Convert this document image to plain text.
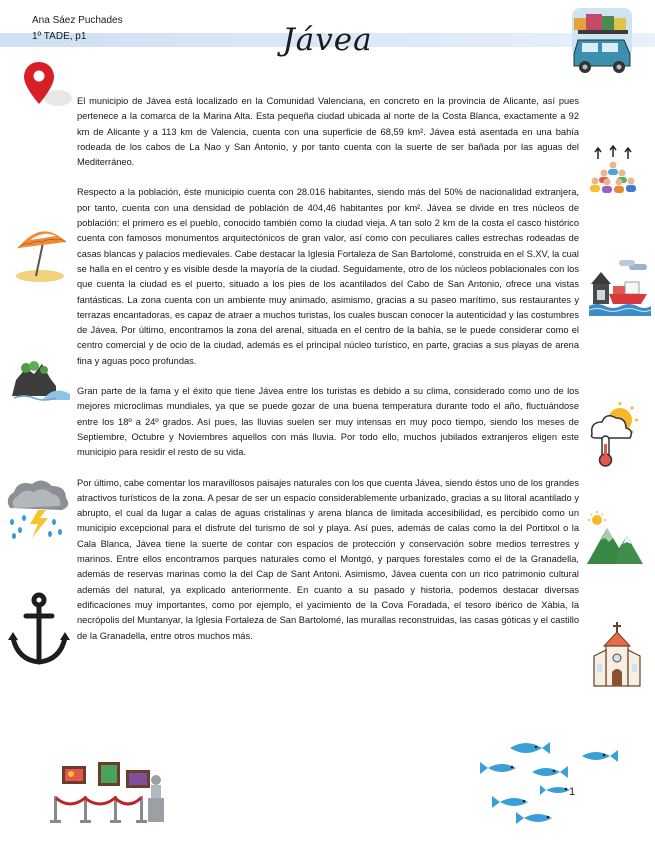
Ana Sáez Puchades
1º TADE, p1	Jávea

El municipio de Jávea está localizado en la Comunidad Valenciana, en concreto en la provincia de Alicante, así pues pertenece a la comarca de la Marina Alta. Esta pequeña ciudad ubicada al norte de la Costa Blanca, exactamente a 92 km de Alicante y a 113 km de Valencia, cuenta con una superficie de 68,59 km². Jávea está asentada en una bahía rodeada de los cabos de La Nao y San Antonio, y por tanto cuenta con la suerte de ser bañada por las aguas del Mediterráneo.

Respecto a la población, éste municipio cuenta con 28.016 habitantes, siendo más del 50% de nacionalidad extranjera, por tanto, cuenta con una densidad de población de 404,46 habitantes por km². Jávea se divide en tres núcleos de población: el primero es el pueblo, conocido también como la ciudad vieja. A tan solo 2 km de la costa el casco histórico cuenta con famosos monumentos arquitectónicos de gran valor, así como con peculiares calles estrechas rodeadas de casas blancas y palacios medievales. Cabe destacar la Iglesia Fortaleza de San Bartolomé, construida en el S.XV, la cual se halla en el centro y es visible desde la mayoría de la ciudad. Seguidamente, otro de los núcleos poblacionales con los que cuenta la ciudad es el puerto, situado a los pies de los acantilados del Cabo de San Antonio, ofrece una vistas fantásticas. La zona cuenta con un ambiente muy animado, asimismo, gracias a su paseo marítimo, sus restaurantes y terrazas encantadoras, es capaz de atraer a muchos turistas, los cuales buscan conocer la autenticidad y las costumbres de Jávea. Por último, encontramos la zona del arenal, situada en el centro de la bahía, se le puede considerar como el centro comercial y de ocio de la ciudad, además es el principal núcleo turístico, en parte, gracias a sus playas de arena fina y aguas poco profundas.

Gran parte de la fama y el éxito que tiene Jávea entre los turistas es debido a su clima, considerado como uno de los mejores microclimas mundiales, ya que se puede gozar de una buena temperatura durante todo el año, fluctuándose entre los 18º a 24º grados. Así pues, las lluvias suelen ser muy intensas en muy poco tiempo, siendo los meses de Septiembre, Octubre y Noviembres aquellos con más lluvia. Por todo ello, muchos jubilados extranjeros eligen este municipio para residir el resto de su vida.

Por último, cabe comentar los maravillosos paisajes naturales con los que cuenta Jávea, siendo éstos uno de los grandes atractivos turísticos de la zona. A pesar de ser un espacio considerablemente urbanizado, gracias a su litoral acantilado y abrupto, el cual da lugar a calas de aguas cristalinas y arena blanca de limitada accesibilidad, es percibido como un municipio excepcional para el disfrute del turismo de sol y playa. Así pues, además de calas como la del Portitxol o la Cala Blanca, Jávea tiene la suerte de contar con espacios de protección y conservación sobre medios terrestres y marinos. Entre ellos encontramos parques naturales como el Montgó, y parques forestales como el de la Granadella, además de reservas marinas como la del Cap de Sant Antoni. Asimismo, Jávea cuenta con un rico patrimonio cultural además del natural, ya explicado anteriormente. En cuanto a su pasado y historia, podemos destacar diversas edificaciones muy importantes, como por ejemplo, el yacimiento de la Cova Foradada, el tesoro ibérico de Xàbia, la necrópolis del Muntanyar, la Iglesia Fortaleza de San Bartolomé, las murallas reconstruidas, las casas góticas y el castillo de la Granadella, entre otros muchos más.

1
